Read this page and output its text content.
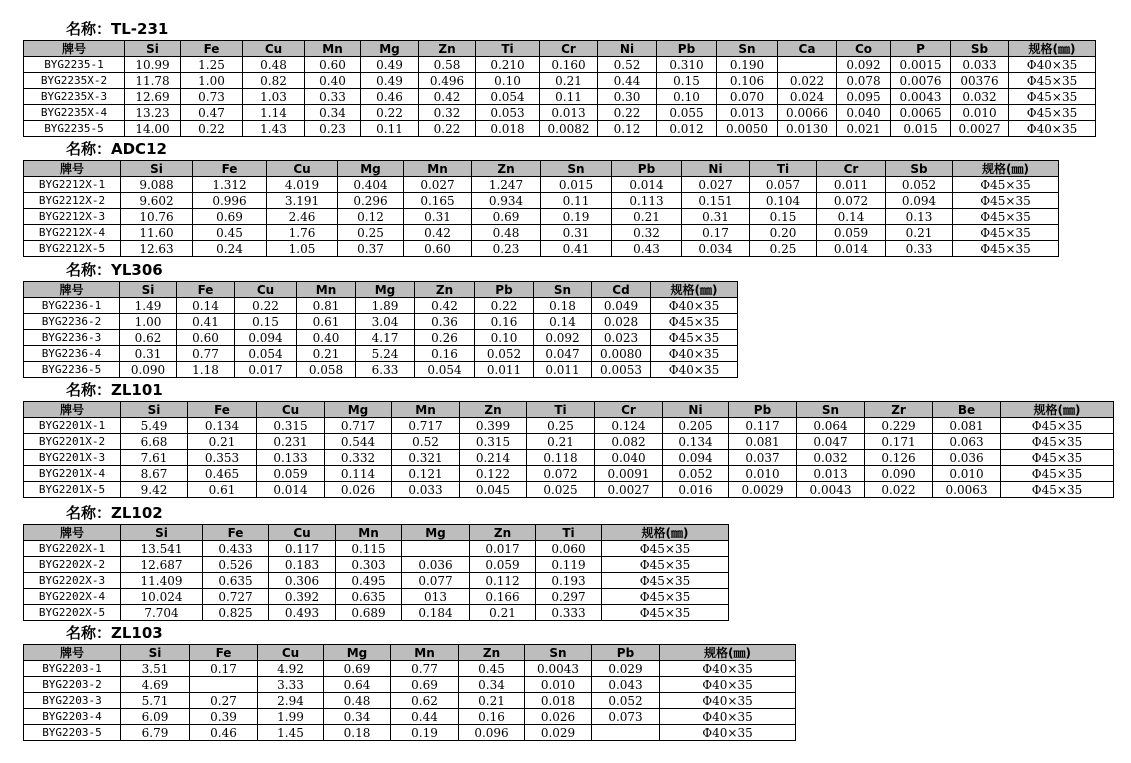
名称：TL-231
牌号	Si	Fe	Cu	Mn	Mg	Zn	Ti	Cr	Ni	Pb	Sn	Ca	Co	P	Sb	规格(㎜)
BYG2235-1	10.99	1.25	0.48	0.60	0.49	0.58	0.210	0.160	0.52	0.310	0.190		0.092	0.0015	0.033	Φ40×35
BYG2235X-2	11.78	1.00	0.82	0.40	0.49	0.496	0.10	0.21	0.44	0.15	0.106	0.022	0.078	0.0076	00376	Φ45×35
BYG2235X-3	12.69	0.73	1.03	0.33	0.46	0.42	0.054	0.11	0.30	0.10	0.070	0.024	0.095	0.0043	0.032	Φ45×35
BYG2235X-4	13.23	0.47	1.14	0.34	0.22	0.32	0.053	0.013	0.22	0.055	0.013	0.0066	0.040	0.0065	0.010	Φ45×35
BYG2235-5	14.00	0.22	1.43	0.23	0.11	0.22	0.018	0.0082	0.12	0.012	0.0050	0.0130	0.021	0.015	0.0027	Φ40×35
名称：ADC12
牌号	Si	Fe	Cu	Mg	Mn	Zn	Sn	Pb	Ni	Ti	Cr	Sb	规格(㎜)
BYG2212X-1	9.088	1.312	4.019	0.404	0.027	1.247	0.015	0.014	0.027	0.057	0.011	0.052	Φ45×35
BYG2212X-2	9.602	0.996	3.191	0.296	0.165	0.934	0.11	0.113	0.151	0.104	0.072	0.094	Φ45×35
BYG2212X-3	10.76	0.69	2.46	0.12	0.31	0.69	0.19	0.21	0.31	0.15	0.14	0.13	Φ45×35
BYG2212X-4	11.60	0.45	1.76	0.25	0.42	0.48	0.31	0.32	0.17	0.20	0.059	0.21	Φ45×35
BYG2212X-5	12.63	0.24	1.05	0.37	0.60	0.23	0.41	0.43	0.034	0.25	0.014	0.33	Φ45×35
名称：YL306
牌号	Si	Fe	Cu	Mn	Mg	Zn	Pb	Sn	Cd	规格(㎜)
BYG2236-1	1.49	0.14	0.22	0.81	1.89	0.42	0.22	0.18	0.049	Φ40×35
BYG2236-2	1.00	0.41	0.15	0.61	3.04	0.36	0.16	0.14	0.028	Φ45×35
BYG2236-3	0.62	0.60	0.094	0.40	4.17	0.26	0.10	0.092	0.023	Φ45×35
BYG2236-4	0.31	0.77	0.054	0.21	5.24	0.16	0.052	0.047	0.0080	Φ40×35
BYG2236-5	0.090	1.18	0.017	0.058	6.33	0.054	0.011	0.011	0.0053	Φ40×35
名称：ZL101
牌号	Si	Fe	Cu	Mg	Mn	Zn	Ti	Cr	Ni	Pb	Sn	Zr	Be	规格(㎜)
BYG2201X-1	5.49	0.134	0.315	0.717	0.717	0.399	0.25	0.124	0.205	0.117	0.064	0.229	0.081	Φ45×35
BYG2201X-2	6.68	0.21	0.231	0.544	0.52	0.315	0.21	0.082	0.134	0.081	0.047	0.171	0.063	Φ45×35
BYG2201X-3	7.61	0.353	0.133	0.332	0.321	0.214	0.118	0.040	0.094	0.037	0.032	0.126	0.036	Φ45×35
BYG2201X-4	8.67	0.465	0.059	0.114	0.121	0.122	0.072	0.0091	0.052	0.010	0.013	0.090	0.010	Φ45×35
BYG2201X-5	9.42	0.61	0.014	0.026	0.033	0.045	0.025	0.0027	0.016	0.0029	0.0043	0.022	0.0063	Φ45×35
名称：ZL102
牌号	Si	Fe	Cu	Mn	Mg	Zn	Ti	规格(㎜)
BYG2202X-1	13.541	0.433	0.117	0.115		0.017	0.060	Φ45×35
BYG2202X-2	12.687	0.526	0.183	0.303	0.036	0.059	0.119	Φ45×35
BYG2202X-3	11.409	0.635	0.306	0.495	0.077	0.112	0.193	Φ45×35
BYG2202X-4	10.024	0.727	0.392	0.635	013	0.166	0.297	Φ45×35
BYG2202X-5	7.704	0.825	0.493	0.689	0.184	0.21	0.333	Φ45×35
名称：ZL103
牌号	Si	Fe	Cu	Mg	Mn	Zn	Sn	Pb	规格(㎜)
BYG2203-1	3.51	0.17	4.92	0.69	0.77	0.45	0.0043	0.029	Φ40×35
BYG2203-2	4.69		3.33	0.64	0.69	0.34	0.010	0.043	Φ40×35
BYG2203-3	5.71	0.27	2.94	0.48	0.62	0.21	0.018	0.052	Φ40×35
BYG2203-4	6.09	0.39	1.99	0.34	0.44	0.16	0.026	0.073	Φ40×35
BYG2203-5	6.79	0.46	1.45	0.18	0.19	0.096	0.029		Φ40×35
